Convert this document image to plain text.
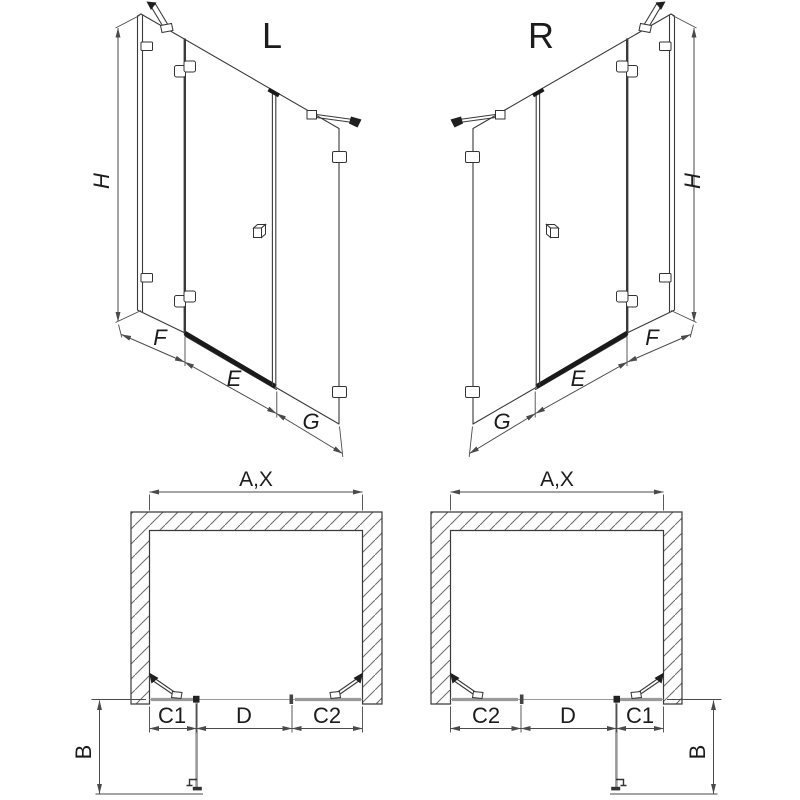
L	R
H
F
E
G
H
F
E
G
A,X
C1 D	C2
B
A,X
C2	D C1
B
